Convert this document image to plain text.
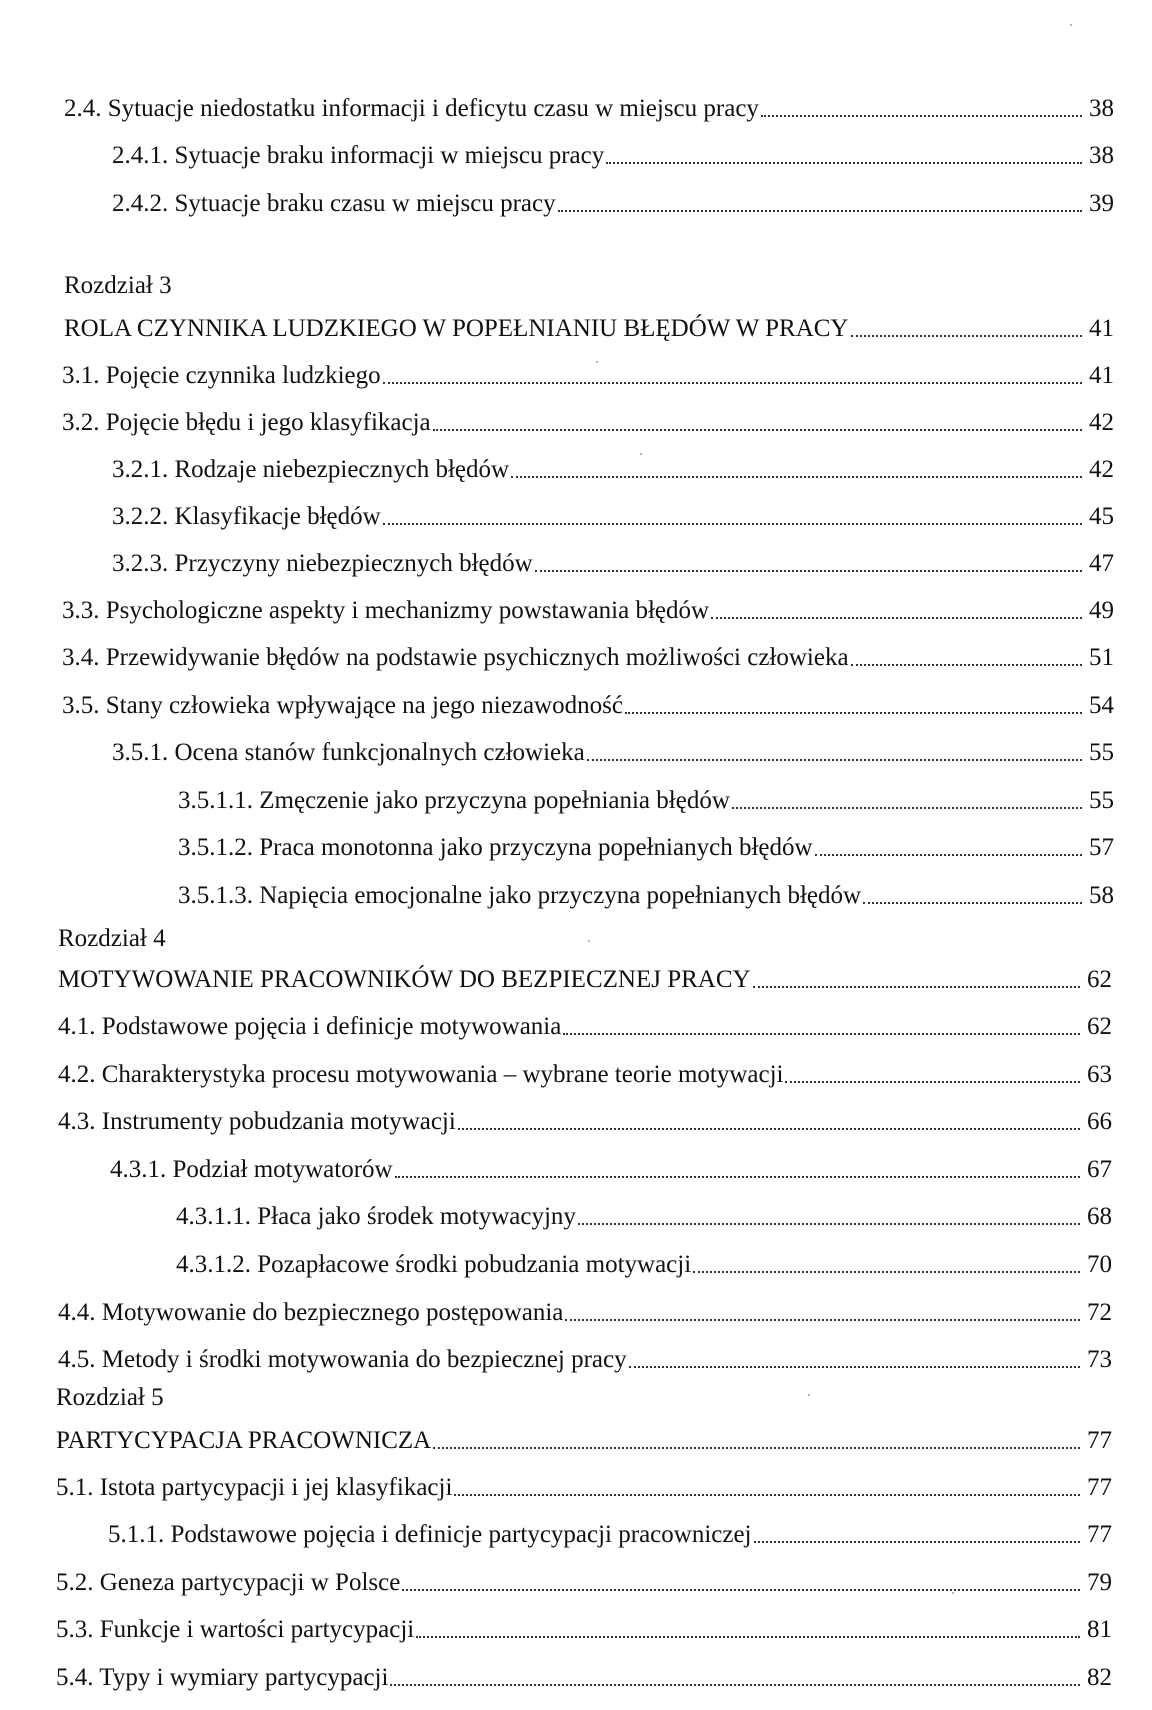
2.4. Sytuacje niedostatku informacji i deficytu czasu w miejscu pracy	38
2.4.1. Sytuacje braku informacji w miejscu pracy	38
2.4.2. Sytuacje braku czasu w miejscu pracy	39
Rozdział 3
ROLA CZYNNIKA LUDZKIEGO W POPEŁNIANIU BŁĘDÓW W PRACY	41
3.1. Pojęcie czynnika ludzkiego	41
3.2. Pojęcie błędu i jego klasyfikacja	42
3.2.1. Rodzaje niebezpiecznych błędów	42
3.2.2. Klasyfikacje błędów	45
3.2.3. Przyczyny niebezpiecznych błędów	47
3.3. Psychologiczne aspekty i mechanizmy powstawania błędów	49
3.4. Przewidywanie błędów na podstawie psychicznych możliwości człowieka	51
3.5. Stany człowieka wpływające na jego niezawodność	54
3.5.1. Ocena stanów funkcjonalnych człowieka	55
3.5.1.1. Zmęczenie jako przyczyna popełniania błędów	55
3.5.1.2. Praca monotonna jako przyczyna popełnianych błędów	57
3.5.1.3. Napięcia emocjonalne jako przyczyna popełnianych błędów	58
Rozdział 4
MOTYWOWANIE PRACOWNIKÓW DO BEZPIECZNEJ PRACY	62
4.1. Podstawowe pojęcia i definicje motywowania	62
4.2. Charakterystyka procesu motywowania – wybrane teorie motywacji	63
4.3. Instrumenty pobudzania motywacji	66
4.3.1. Podział motywatorów	67
4.3.1.1. Płaca jako środek motywacyjny	68
4.3.1.2. Pozapłacowe środki pobudzania motywacji	70
4.4. Motywowanie do bezpiecznego postępowania	72
4.5. Metody i środki motywowania do bezpiecznej pracy	73
Rozdział 5
PARTYCYPACJA PRACOWNICZA	77
5.1. Istota partycypacji i jej klasyfikacji	77
5.1.1. Podstawowe pojęcia i definicje partycypacji pracowniczej	77
5.2. Geneza partycypacji w Polsce	79
5.3. Funkcje i wartości partycypacji	81
5.4. Typy i wymiary partycypacji	82
